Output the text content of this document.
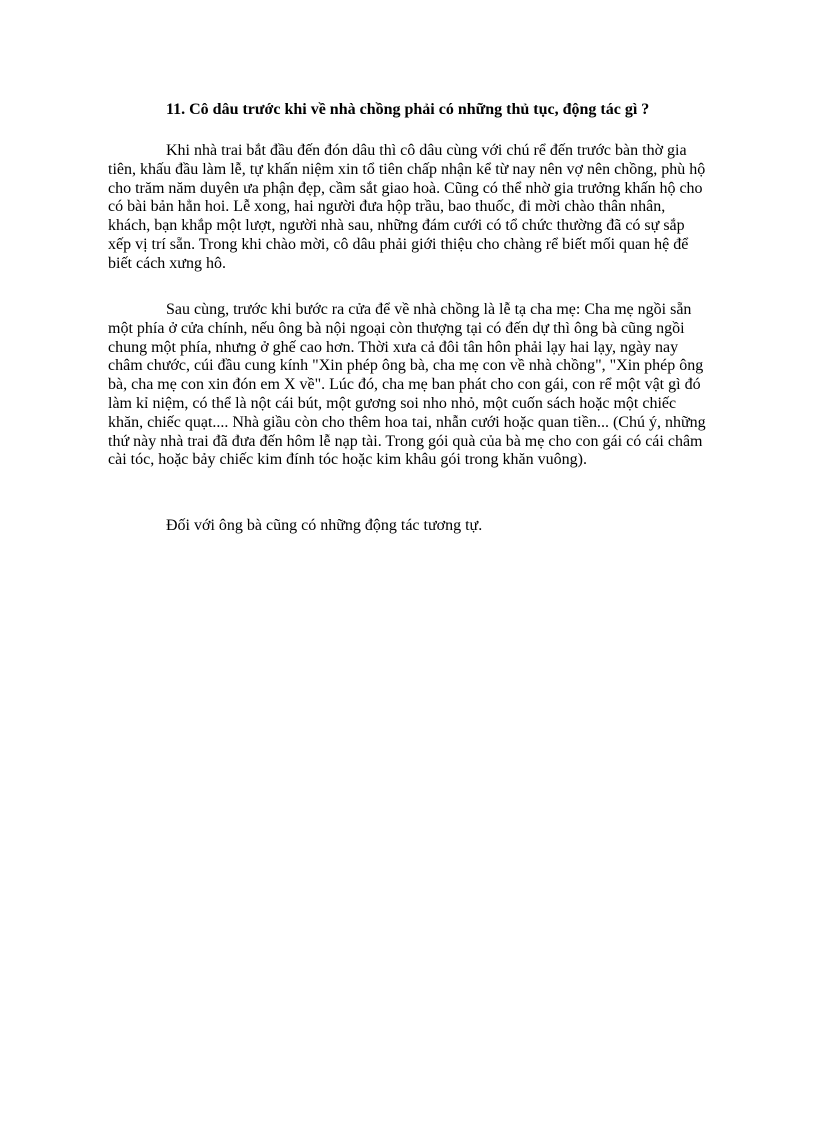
11. Cô dâu trước khi về nhà chồng phải có những thủ tục, động tác gì ?

Khi nhà trai bắt đầu đến đón dâu thì cô dâu cùng với chú rể đến trước bàn thờ gia tiên, khấu đầu làm lễ, tự khấn niệm xin tổ tiên chấp nhận kể từ nay nên vợ nên chồng, phù hộ cho trăm năm duyên ưa phận đẹp, cầm sắt giao hoà. Cũng có thể nhờ gia trưởng khấn hộ cho có bài bản hẳn hoi. Lễ xong, hai người đưa hộp trầu, bao thuốc, đi mời chào thân nhân, khách, bạn khắp một lượt, người nhà sau, những đám cưới có tổ chức thường đã có sự sắp xếp vị trí sẵn. Trong khi chào mời, cô dâu phải giới thiệu cho chàng rể biết mối quan hệ để biết cách xưng hô.

Sau cùng, trước khi bước ra cửa để về nhà chồng là lễ tạ cha mẹ: Cha mẹ ngồi sẵn một phía ở cửa chính, nếu ông bà nội ngoại còn thượng tại có đến dự thì ông bà cũng ngồi chung một phía, nhưng ở ghế cao hơn. Thời xưa cả đôi tân hôn phải lạy hai lạy, ngày nay châm chước, cúi đầu cung kính "Xin phép ông bà, cha mẹ con về nhà chồng", "Xin phép ông bà, cha mẹ con xin đón em X về". Lúc đó, cha mẹ ban phát cho con gái, con rể một vật gì đó làm kỉ niệm, có thể là nột cái bút, một gương soi nho nhỏ, một cuốn sách hoặc một chiếc khăn, chiếc quạt.... Nhà giầu còn cho thêm hoa tai, nhẫn cưới hoặc quan tiền... (Chú ý, những thứ này nhà trai đã đưa đến hôm lễ nạp tài. Trong gói quà của bà mẹ cho con gái có cái châm cài tóc, hoặc bảy chiếc kim đính tóc hoặc kim khâu gói trong khăn vuông).

Đối với ông bà cũng có những động tác tương tự.
